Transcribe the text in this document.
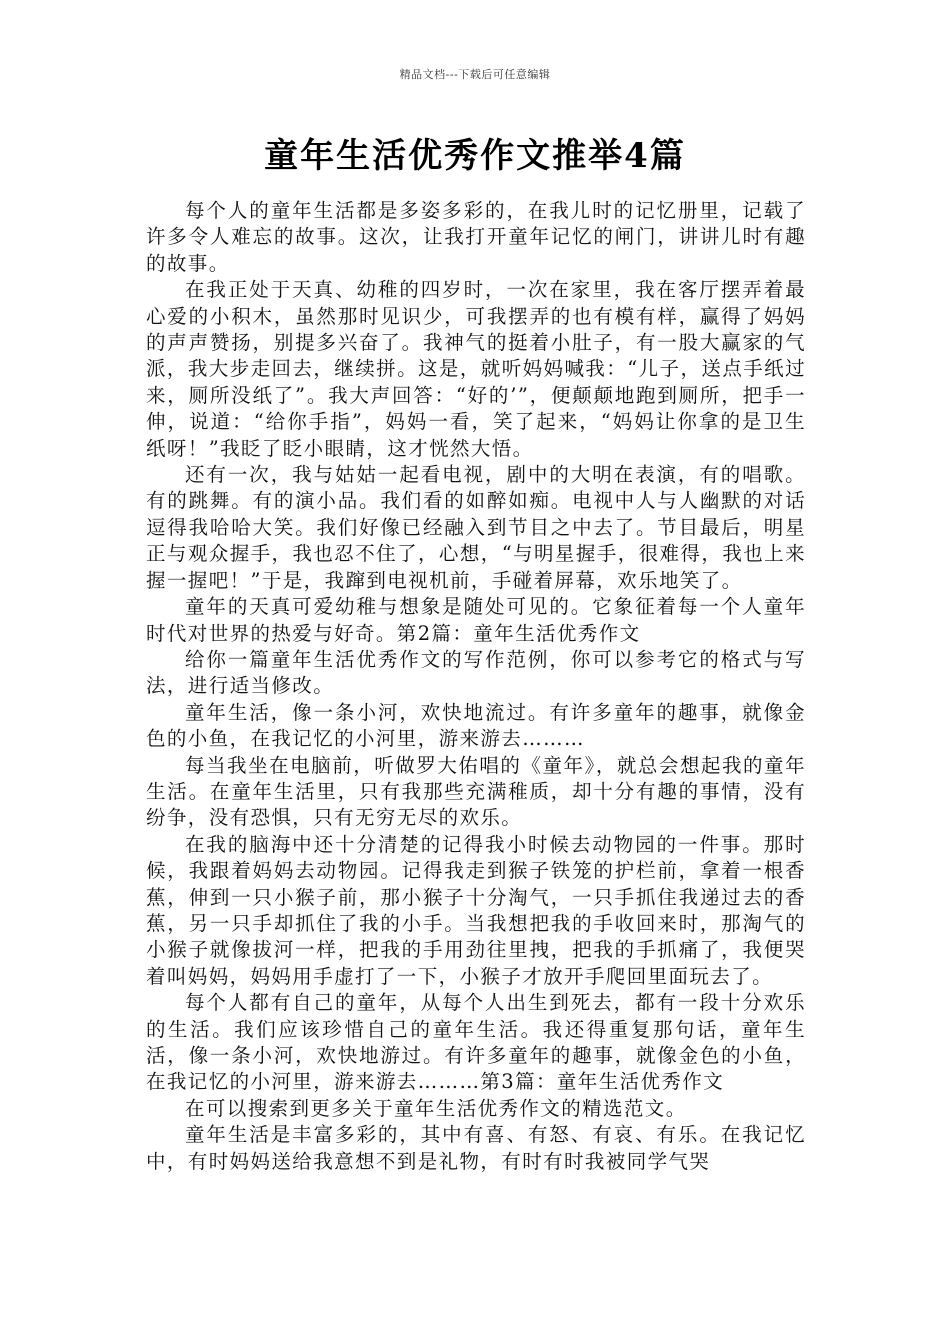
精品文档---下载后可任意编辑
童年生活优秀作文推举4篇

每个人的童年生活都是多姿多彩的，在我儿时的记忆册里，记载了许多令人难忘的故事。这次，让我打开童年记忆的闸门，讲讲儿时有趣的故事。

在我正处于天真、幼稚的四岁时，一次在家里，我在客厅摆弄着最心爱的小积木，虽然那时见识少，可我摆弄的也有模有样，赢得了妈妈的声声赞扬，别提多兴奋了。我神气的挺着小肚子，有一股大赢家的气派，我大步走回去，继续拼。这是，就听妈妈喊我：“儿子，送点手纸过来，厕所没纸了”。我大声回答：“好的’”，便颠颠地跑到厕所，把手一伸，说道：“给你手指”，妈妈一看，笑了起来，“妈妈让你拿的是卫生纸呀！”我眨了眨小眼睛，这才恍然大悟。

还有一次，我与姑姑一起看电视，剧中的大明在表演，有的唱歌。有的跳舞。有的演小品。我们看的如醉如痴。电视中人与人幽默的对话逗得我哈哈大笑。我们好像已经融入到节目之中去了。节目最后，明星正与观众握手，我也忍不住了，心想，“与明星握手，很难得，我也上来握一握吧！”于是，我蹿到电视机前，手碰着屏幕，欢乐地笑了。

童年的天真可爱幼稚与想象是随处可见的。它象征着每一个人童年时代对世界的热爱与好奇。第2篇：童年生活优秀作文

给你一篇童年生活优秀作文的写作范例，你可以参考它的格式与写法，进行适当修改。

童年生活，像一条小河，欢快地流过。有许多童年的趣事，就像金色的小鱼，在我记忆的小河里，游来游去………

每当我坐在电脑前，听做罗大佑唱的《童年》，就总会想起我的童年生活。在童年生活里，只有我那些充满稚质，却十分有趣的事情，没有纷争，没有恐惧，只有无穷无尽的欢乐。

在我的脑海中还十分清楚的记得我小时候去动物园的一件事。那时候，我跟着妈妈去动物园。记得我走到猴子铁笼的护栏前，拿着一根香蕉，伸到一只小猴子前，那小猴子十分淘气，一只手抓住我递过去的香蕉，另一只手却抓住了我的小手。当我想把我的手收回来时，那淘气的小猴子就像拔河一样，把我的手用劲往里拽，把我的手抓痛了，我便哭着叫妈妈，妈妈用手虚打了一下，小猴子才放开手爬回里面玩去了。

每个人都有自己的童年，从每个人出生到死去，都有一段十分欢乐的生活。我们应该珍惜自己的童年生活。我还得重复那句话，童年生活，像一条小河，欢快地游过。有许多童年的趣事，就像金色的小鱼，在我记忆的小河里，游来游去………第3篇：童年生活优秀作文

在可以搜索到更多关于童年生活优秀作文的精选范文。

童年生活是丰富多彩的，其中有喜、有怒、有哀、有乐。在我记忆中，有时妈妈送给我意想不到是礼物，有时有时我被同学气哭
